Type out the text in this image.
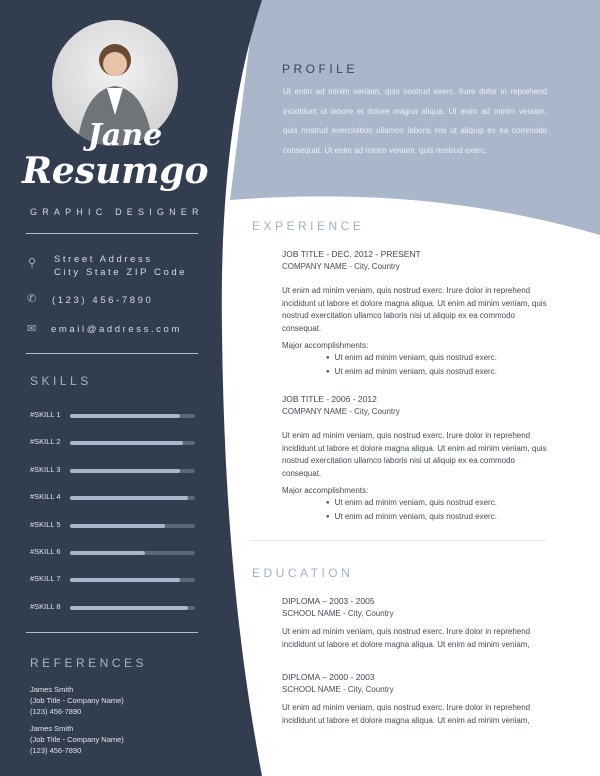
Jane
Resumgo
GRAPHIC DESIGNER
⚲ Street Address
City State ZIP Code
✆ (123) 456-7890
✉ email@address.com
SKILLS
#SKILL 1
#SKILL 2
#SKILL 3
#SKILL 4
#SKILL 5
#SKILL 6
#SKILL 7
#SKILL 8
REFERENCES
James Smith
(Job Title - Company Name)
(123) 456-7890
James Smith
(Job Title - Company Name)
(123) 456-7890
PROFILE
Ut enim ad minim veniam, quis nostrud exerc. Irure dolor in reprehend incididunt ut labore et dolore magna aliqua. Ut enim ad minim veniam, quis nostrud exercitation ullamco laboris nisi ut aliquip ex ea commodo consequat. Ut enim ad minim veniam, quis nostrud exerc.
EXPERIENCE
JOB TITLE - DEC. 2012 - PRESENT
COMPANY NAME - City, Country
Ut enim ad minim veniam, quis nostrud exerc. Irure dolor in reprehend incididunt ut labore et dolore magna aliqua. Ut enim ad minim veniam, quis nostrud exercitation ullamco laboris nisi ut aliquip ex ea commodo consequat.
Major accomplishments:
● Ut enim ad minim veniam, quis nostrud exerc.
● Ut enim ad minim veniam, quis nostrud exerc.
JOB TITLE - 2006 - 2012
COMPANY NAME - City, Country
Ut enim ad minim veniam, quis nostrud exerc. Irure dolor in reprehend incididunt ut labore et dolore magna aliqua. Ut enim ad minim veniam, quis nostrud exercitation ullamco laboris nisi ut aliquip ex ea commodo consequat.
Major accomplishments:
● Ut enim ad minim veniam, quis nostrud exerc.
● Ut enim ad minim veniam, quis nostrud exerc.
EDUCATION
DIPLOMA – 2003 - 2005
SCHOOL NAME - City, Country
Ut enim ad minim veniam, quis nostrud exerc. Irure dolor in reprehend incididunt ut labore et dolore magna aliqua. Ut enim ad minim veniam,
DIPLOMA – 2000 - 2003
SCHOOL NAME - City, Country
Ut enim ad minim veniam, quis nostrud exerc. Irure dolor in reprehend incididunt ut labore et dolore magna aliqua. Ut enim ad minim veniam,
